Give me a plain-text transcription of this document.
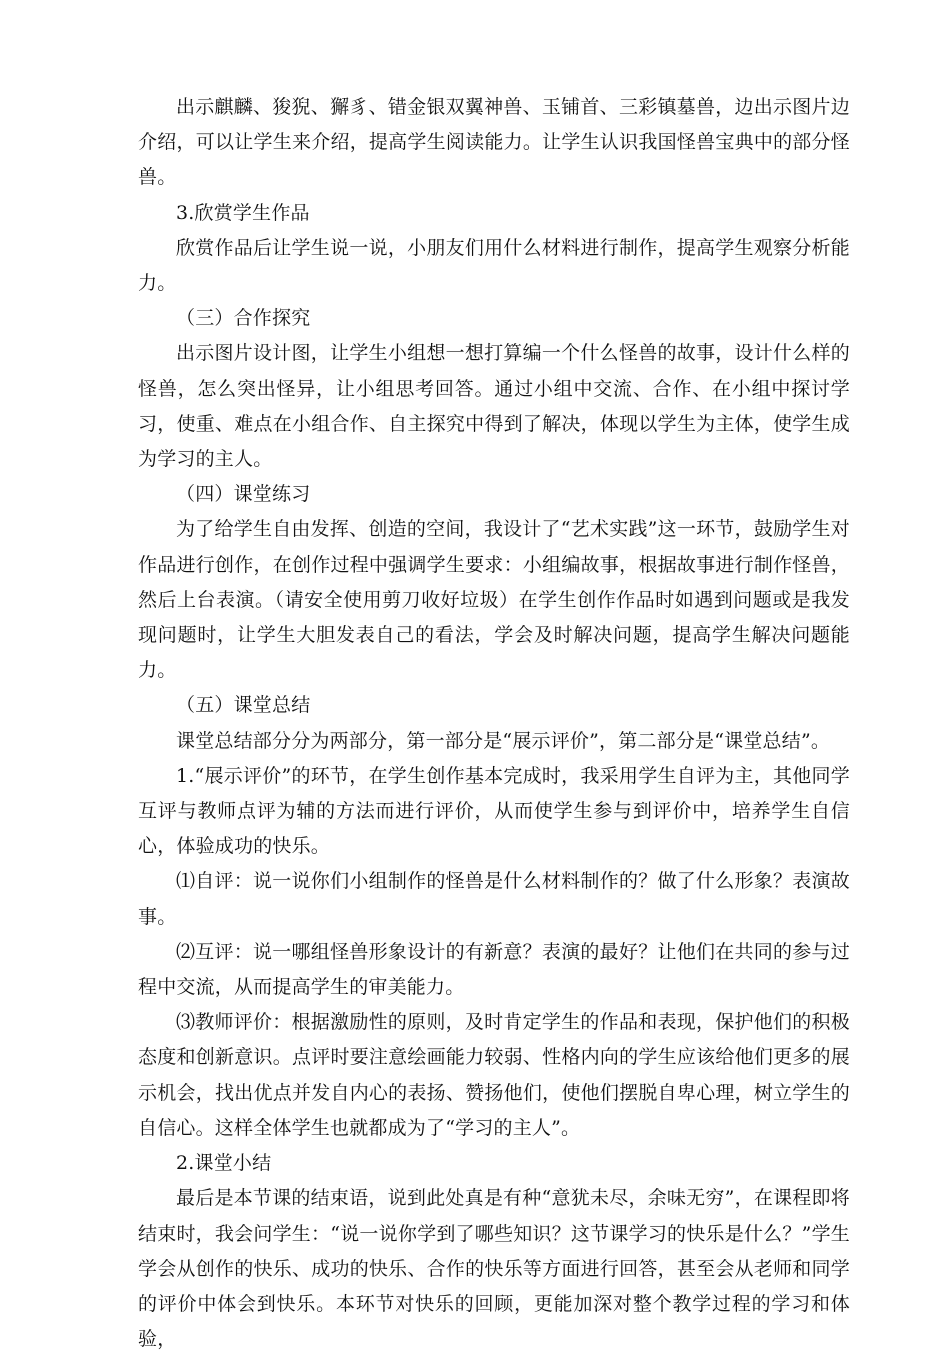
出示麒麟、狻猊、獬豸、错金银双翼神兽、玉铺首、三彩镇墓兽，边出示图片边介绍，可以让学生来介绍，提高学生阅读能力。让学生认识我国怪兽宝典中的部分怪兽。

3.欣赏学生作品

欣赏作品后让学生说一说，小朋友们用什么材料进行制作，提高学生观察分析能力。

（三）合作探究

出示图片设计图，让学生小组想一想打算编一个什么怪兽的故事，设计什么样的怪兽，怎么突出怪异，让小组思考回答。通过小组中交流、合作、在小组中探讨学习，使重、难点在小组合作、自主探究中得到了解决，体现以学生为主体，使学生成为学习的主人。

（四）课堂练习

为了给学生自由发挥、创造的空间，我设计了“艺术实践”这一环节，鼓励学生对作品进行创作，在创作过程中强调学生要求：小组编故事，根据故事进行制作怪兽，然后上台表演。（请安全使用剪刀收好垃圾）在学生创作作品时如遇到问题或是我发现问题时，让学生大胆发表自己的看法，学会及时解决问题，提高学生解决问题能力。

（五）课堂总结

课堂总结部分分为两部分，第一部分是“展示评价”，第二部分是“课堂总结”。

1.“展示评价”的环节，在学生创作基本完成时，我采用学生自评为主，其他同学互评与教师点评为辅的方法而进行评价，从而使学生参与到评价中，培养学生自信心，体验成功的快乐。

⑴自评：说一说你们小组制作的怪兽是什么材料制作的？做了什么形象？表演故事。

⑵互评：说一哪组怪兽形象设计的有新意？表演的最好？让他们在共同的参与过程中交流，从而提高学生的审美能力。

⑶教师评价：根据激励性的原则，及时肯定学生的作品和表现，保护他们的积极态度和创新意识。点评时要注意绘画能力较弱、性格内向的学生应该给他们更多的展示机会，找出优点并发自内心的表扬、赞扬他们，使他们摆脱自卑心理，树立学生的自信心。这样全体学生也就都成为了“学习的主人”。

2.课堂小结

最后是本节课的结束语，说到此处真是有种“意犹未尽，余味无穷”，在课程即将结束时，我会问学生：“说一说你学到了哪些知识？这节课学习的快乐是什么？”学生学会从创作的快乐、成功的快乐、合作的快乐等方面进行回答，甚至会从老师和同学的评价中体会到快乐。本环节对快乐的回顾，更能加深对整个教学过程的学习和体验，
